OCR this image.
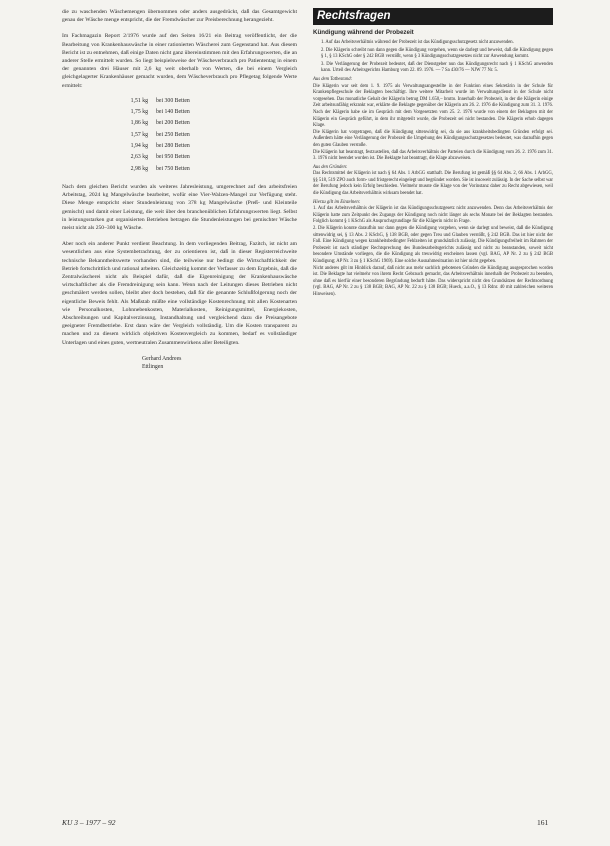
die zu waschenden Wäschemengen übernommen oder anders ausgedrückt, daß das Gesamtgewicht genau der Wäsche menge entspricht, die der Fremdwäscher zur Preisberechnung herangezieht.

Im Fachmagazin Report 2/1976 wurde auf den Seiten 16/21 ein Beitrag veröffentlicht, der die Bearbeitung von Krankenhauswäsche in einer rationierten Wäscherei zum Gegenstand hat. Aus diesem Bericht ist zu entnehmen, daß einige Daten nicht ganz übereinstimmen mit den Erfahrungswerten, die an anderer Stelle ermittelt wurden. So liegt beispielsweise der Wäscheverbrauch pro Patiententag in einem der genannten drei Häuser mit 2,6 kg weit oberhalb von Werten, die bei einem Vergleich gleichgelagerter Krankenhäuser gemacht wurden, dem Wäscheverbrauch pro Pflegetag folgende Werte ermittelt:

1,51 kg bei 300 Betten
1,75 kg bei 140 Betten
1,86 kg bei 200 Betten
1,57 kg bei 250 Betten
1,94 kg bei 280 Betten
2,63 kg bei 950 Betten
2,98 kg bei 750 Betten

Nach dem gleichen Bericht wurden als weiteres Jahresleistung, umgerechnet auf den arbeitsfreien Arbeitstag, 2024 kg Mangelwäsche bearbeitet, wofür eine Vier-Walzen-Mangel zur Verfügung steht. Diese Menge entspricht einer Stundenleistung von 378 kg Mangelwäsche (Preß- und Kleinteile gemischt) und damit einer Leistung, die weit über den branchenüblichen Erfahrungswerten liegt. Selbst in leistungsstarken gut organisierten Betrieben betragen die Stundenleistungen bei gemischter Wäsche meist nicht als 250–300 kg Wäsche.

Aber noch ein anderer Punkt verdient Beachtung. In dem vorliegenden Beitrag, Fazitch, ist nicht am wesentlichen aus eine Systembetrachtung, der zu orientieren ist, daß in dieser Registerreichweite technische Bekanntheitswerte vorhanden sind, die teilweise nur bedingt die Wirtschaftlichkeit der Betrieb fortschrittlich und rational arbeiten. Gleichzeitig kommt der Verfasser zu dem Ergebnis, daß die Zentralwäscherei nicht als Beispiel dafür, daß die Eigenreinigung der Krankenhauswäsche wirtschaftlicher als die Fremdreinigung sein kann. Wenn nach der Leitungen dieses Betrieben nicht geschmälert werden sollen, bleibt aber doch bestehen, daß für die genannte Schlußfolgerung noch der eigentliche Beweis fehlt. Als Maßstab müßte eine vollständige Kostenrechnung mit allen Kostenarten wie Personalkosten, Lohnnebenkosten, Materialkosten, Reinigungsmittel, Energiekosten, Abschreibungen und Kapitalverzinsung, Instandhaltung und vergleichend dazu die Preisangebote geeigneter Fremdbetriebe. Erst dann wäre der Vergleich vollständig. Um die Kosten transparent zu machen und zu diesem wirklich objektiven Kostenvergleich zu kommen, bedarf es vollständiger Unterlagen und eines guten, wertneutralen Zusammenwirkens aller Beteiligten.

Gerhard Andrees
Ettlingen
Rechtsfragen
Kündigung während der Probezeit

1. Auf das Arbeitsverhältnis während der Probezeit ist das Kündigungsschutzgesetz nicht anzuwenden.

2. Die Klägerin schreibt nun dann gegen die Kündigung vorgehen, wenn sie darlegt und beweist, daß die Kündigung gegen § 1, § 13 KSchG oder § 242 BGB verstößt, wenn § 3 Kündigungsschutzgesetzes nicht zur Anwendung kommt.

3. Die Verlängerung der Probezeit bedeutet, daß der Dienstgeber nun das Kündigungsrecht nach § 1 KSchG anwenden kann. Urteil des Arbeitsgerichts Hamburg vom 22. 09. 1976. — 7 Sa 430/76 — NJW 77 Nr. 5.

Aus dem Tatbestand:

Die Klägerin war seit dem 1. 9. 1975 als Verwaltungsangestellte in der Funktion eines Sekretärin in der Schule für Krankenpflegeschule der Beklagten beschäftigt. Ihre weitere Mitarbeit wurde im Verwaltungsdienst in der Schule nicht vorgesehen. Das monatliche Gehalt der Klägerin betrug DM 1.650,– brutto. Innerhalb der Probezeit, in der die Klägerin einige Zeit arbeitsunfähig erkrankt war, erklärte die Beklagte gegenüber der Klägerin am 26. 2. 1976 die Kündigung zum 31. 3. 1976. Nach der Klägerin habe sie im Gespräch mit dem Vorgesetzten vom 25. 2. 1976 wurde von einem der Beklagten mit der Klägerin ein Gespräch geführt, in dem ihr mitgeteilt wurde, die Probezeit sei nicht bestanden. Die Klägerin erhob dagegen Klage.

Die Klägerin hat vorgetragen, daß die Kündigung sittenwidrig sei, da sie aus krankheitsbedingten Gründen erfolgt sei. Außerdem hätte eine Verlängerung der Probezeit die Umgehung des Kündigungsschutzgesetzes bedeutet, was daraufhin gegen den guten Glauben verstoße.

Die Klägerin hat beantragt, festzustellen, daß das Arbeitsverhältnis der Parteien durch die Kündigung vom 26. 2. 1976 zum 31. 3. 1976 nicht beendet worden ist. Die Beklagte hat beantragt, die Klage abzuweisen.

Aus den Gründen:

Das Rechtsmittel der Klägerin ist nach § 64 Abs. 1 ArbGG statthaft. Die Berufung ist gemäß §§ 64 Abs. 2, 66 Abs. 1 ArbGG, §§ 518, 519 ZPO auch form- und fristgerecht eingelegt und begründet worden. Sie ist insoweit zulässig. In der Sache selbst war der Berufung jedoch kein Erfolg beschieden. Vielmehr musste die Klage von der Vorinstanz daher zu Recht abgewiesen, weil die Kündigung das Arbeitsverhältnis wirksam beendet hat.

Hierzu gilt im Einzelnen:

1. Auf das Arbeitsverhältnis der Klägerin ist das Kündigungsschutzgesetz nicht anzuwenden. Denn das Arbeitsverhältnis der Klägerin hatte zum Zeitpunkt des Zugangs der Kündigung noch nicht länger als sechs Monate bei der Beklagten bestanden. Folglich kommt § 1 KSchG als Anspruchsgrundlage für die Klägerin nicht in Frage.

2. Die Klägerin konnte daraufhin nur dann gegen die Kündigung vorgehen, wenn sie darlegt und beweist, daß die Kündigung sittenwidrig sei, § 13 Abs. 2 KSchG, § 138 BGB, oder gegen Treu und Glauben verstößt, § 242 BGB. Das ist hier nicht der Fall. Eine Kündigung wegen krankheitsbedingter Fehlzeiten ist grundsätzlich zulässig. Die Kündigungsfreiheit im Rahmen der Probezeit ist nach ständiger Rechtsprechung des Bundesarbeitsgerichts zulässig und nicht zu beanstanden, soweit nicht besondere Umstände vorliegen, die die Kündigung als treuwidrig erscheinen lassen (vgl. BAG, AP Nr. 2 zu § 242 BGB Kündigung; AP Nr. 3 zu § 1 KSchG 1969). Eine solche Ausnahmesituation ist hier nicht gegeben.

Nicht anderes gilt im Hinblick darauf, daß nicht aus mehr sachlich gebotenen Gründen die Kündigung ausgesprochen worden ist. Die Beklagte hat vielmehr von ihrem Recht Gebrauch gemacht, das Arbeitsverhältnis innerhalb der Probezeit zu beenden, ohne daß es hierfür einer besonderen Begründung bedurft hätte. Das widerspricht nicht den Grundsätzen der Rechtsordnung (vgl. BAG, AP Nr. 2 zu § 138 BGB; BAG, AP Nr. 22 zu § 138 BGB; Hueck, a.a.O., § 13 Rdnr. 40 mit zahlreichen weiteren Hinweisen).

KU 3 – 1977 – 92	161
